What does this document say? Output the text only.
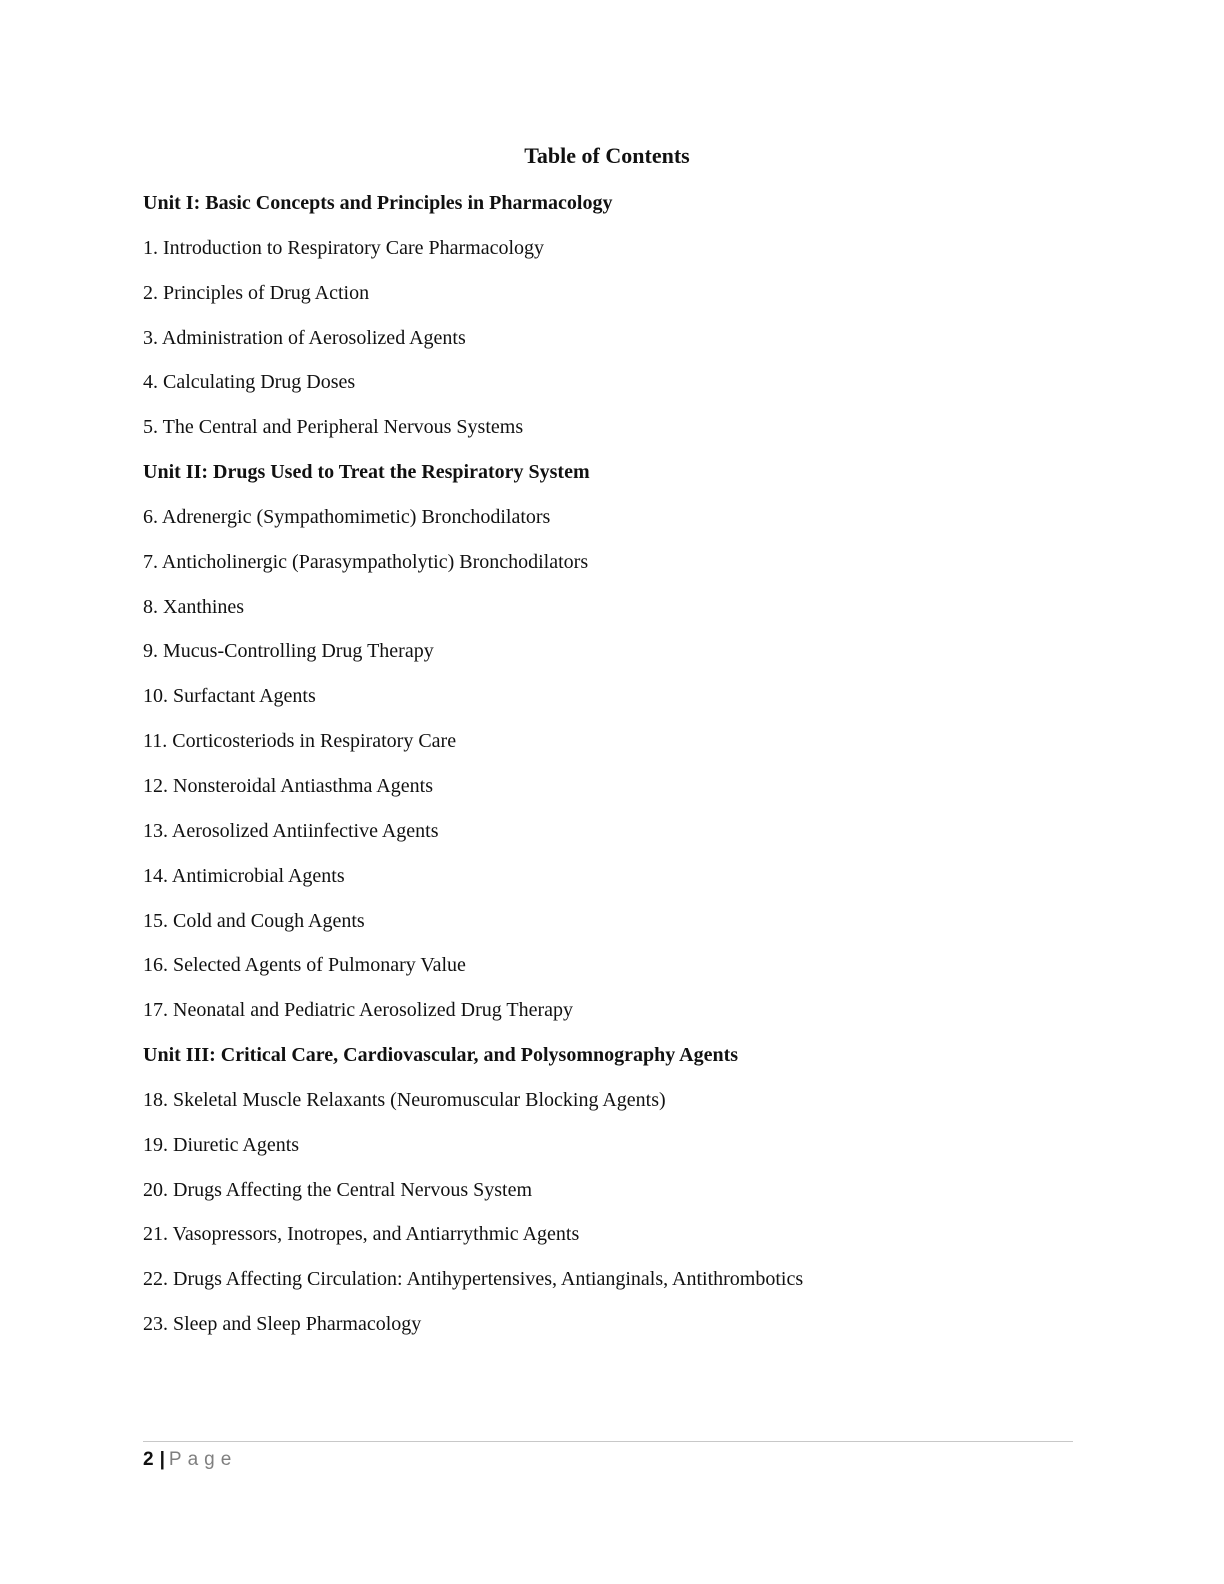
Table of Contents
Unit I: Basic Concepts and Principles in Pharmacology
1. Introduction to Respiratory Care Pharmacology
2. Principles of Drug Action
3. Administration of Aerosolized Agents
4. Calculating Drug Doses
5. The Central and Peripheral Nervous Systems
Unit II: Drugs Used to Treat the Respiratory System
6. Adrenergic (Sympathomimetic) Bronchodilators
7. Anticholinergic (Parasympatholytic) Bronchodilators
8. Xanthines
9. Mucus-Controlling Drug Therapy
10. Surfactant Agents
11. Corticosteriods in Respiratory Care
12. Nonsteroidal Antiasthma Agents
13. Aerosolized Antiinfective Agents
14. Antimicrobial Agents
15. Cold and Cough Agents
16. Selected Agents of Pulmonary Value
17. Neonatal and Pediatric Aerosolized Drug Therapy
Unit III: Critical Care, Cardiovascular, and Polysomnography Agents
18. Skeletal Muscle Relaxants (Neuromuscular Blocking Agents)
19. Diuretic Agents
20. Drugs Affecting the Central Nervous System
21. Vasopressors, Inotropes, and Antiarrythmic Agents
22. Drugs Affecting Circulation: Antihypertensives, Antianginals, Antithrombotics
23. Sleep and Sleep Pharmacology
2 | Page
